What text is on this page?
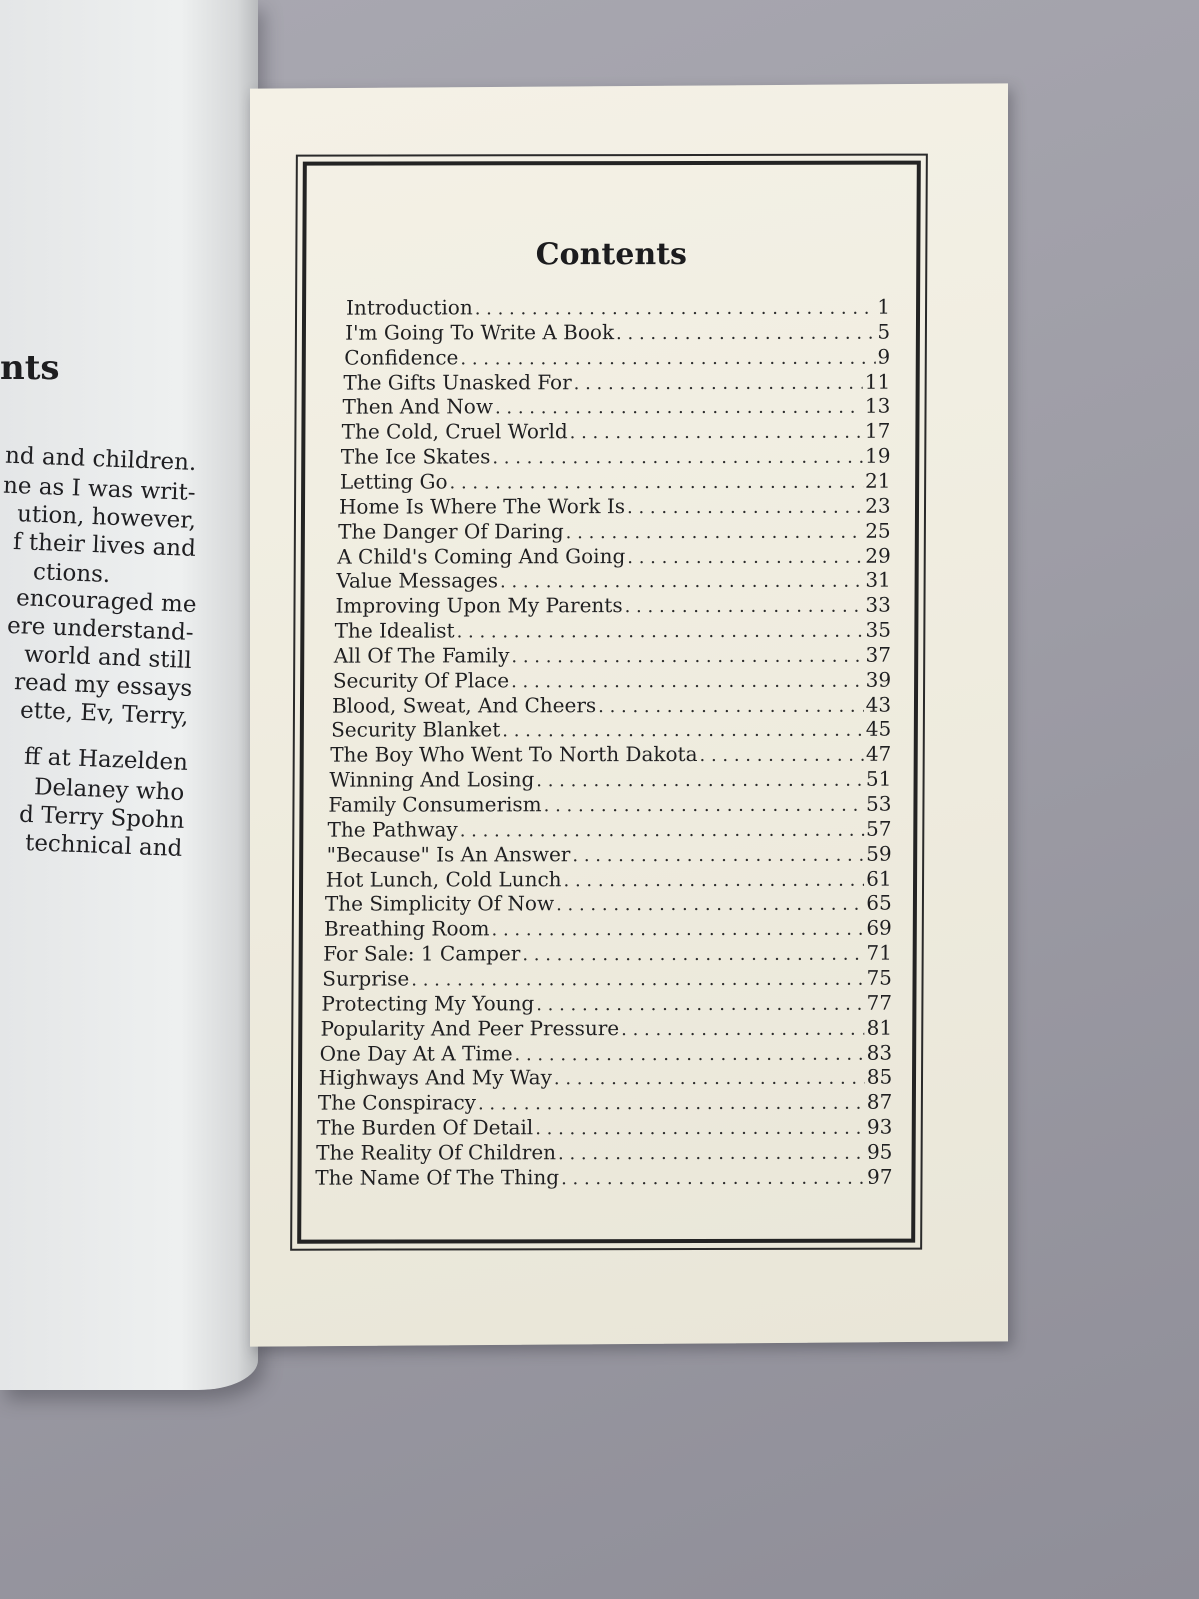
nts
nd and children.
ne as I was writ-
ution, however,
f their lives and
ctions.
encouraged me
ere understand-
world and still
read my essays
ette, Ev, Terry,
ff at Hazelden
Delaney who
d Terry Spohn
technical and
Contents
Introduction . . .	1
I'm Going To Write A Book . . .	5
Confidence . . .	9
The Gifts Unasked For . . .	11
Then And Now . . .	13
The Cold, Cruel World . . .	17
The Ice Skates . . .	19
Letting Go . . .	21
Home Is Where The Work Is . . .	23
The Danger Of Daring . . .	25
A Child's Coming And Going . . .	29
Value Messages . . .	31
Improving Upon My Parents . . .	33
The Idealist . . .	35
All Of The Family . . .	37
Security Of Place . . .	39
Blood, Sweat, And Cheers . . .	43
Security Blanket . . .	45
The Boy Who Went To North Dakota . . .	47
Winning And Losing . . .	51
Family Consumerism . . .	53
The Pathway . . .	57
"Because" Is An Answer . . .	59
Hot Lunch, Cold Lunch . . .	61
The Simplicity Of Now . . .	65
Breathing Room . . .	69
For Sale: 1 Camper . . .	71
Surprise . . .	75
Protecting My Young . . .	77
Popularity And Peer Pressure . . .	81
One Day At A Time . . .	83
Highways And My Way . . .	85
The Conspiracy . . .	87
The Burden Of Detail . . .	93
The Reality Of Children . . .	95
The Name Of The Thing . . .	97
